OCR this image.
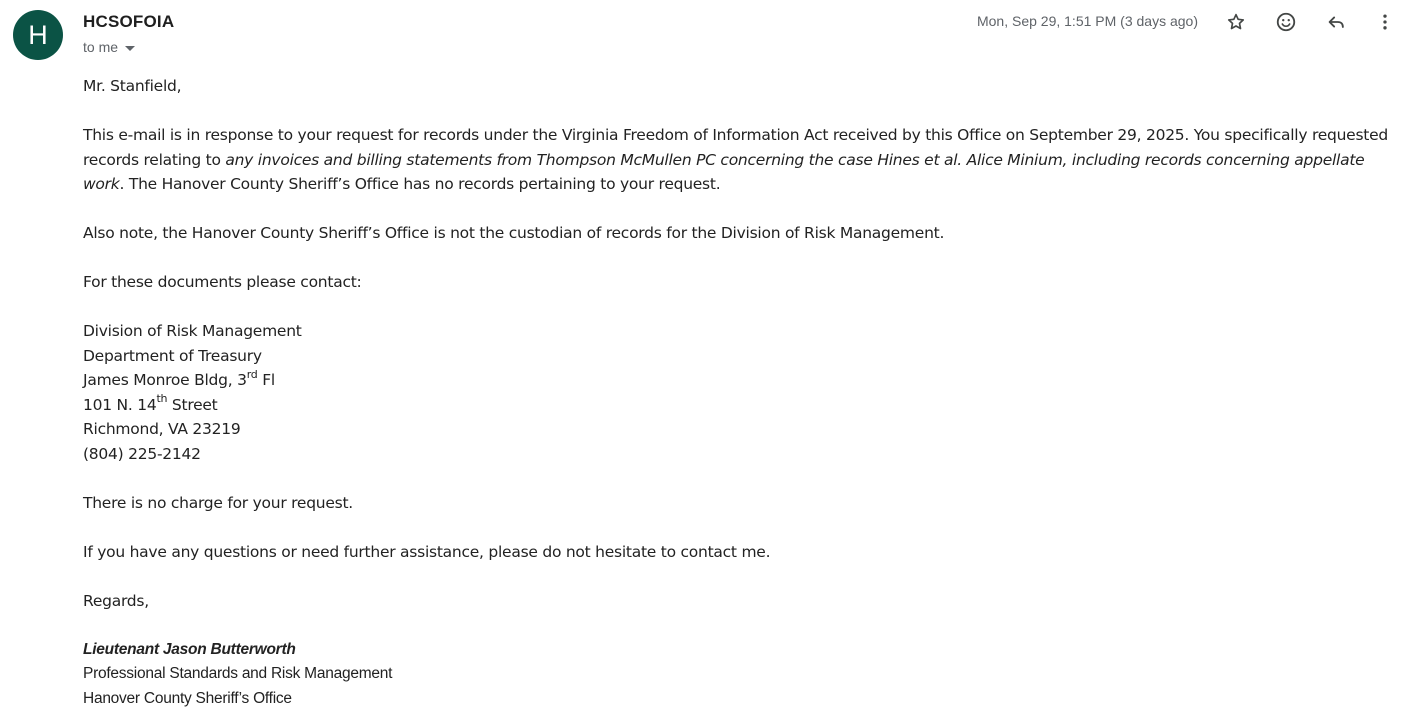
H	HCSOFOIA
to me
Mon, Sep 29, 1:51 PM (3 days ago)

Mr. Stanfield,

This e-mail is in response to your request for records under the Virginia Freedom of Information Act received by this Office on September 29, 2025. You specifically requested records relating to any invoices and billing statements from Thompson McMullen PC concerning the case Hines et al. Alice Minium, including records concerning appellate work. The Hanover County Sheriff’s Office has no records pertaining to your request.

Also note, the Hanover County Sheriff’s Office is not the custodian of records for the Division of Risk Management.

For these documents please contact:

Division of Risk Management
Department of Treasury
James Monroe Bldg, 3rd Fl
101 N. 14th Street
Richmond, VA 23219
(804) 225-2142

There is no charge for your request.

If you have any questions or need further assistance, please do not hesitate to contact me.

Regards,

Lieutenant Jason Butterworth
Professional Standards and Risk Management
Hanover County Sheriff’s Office
